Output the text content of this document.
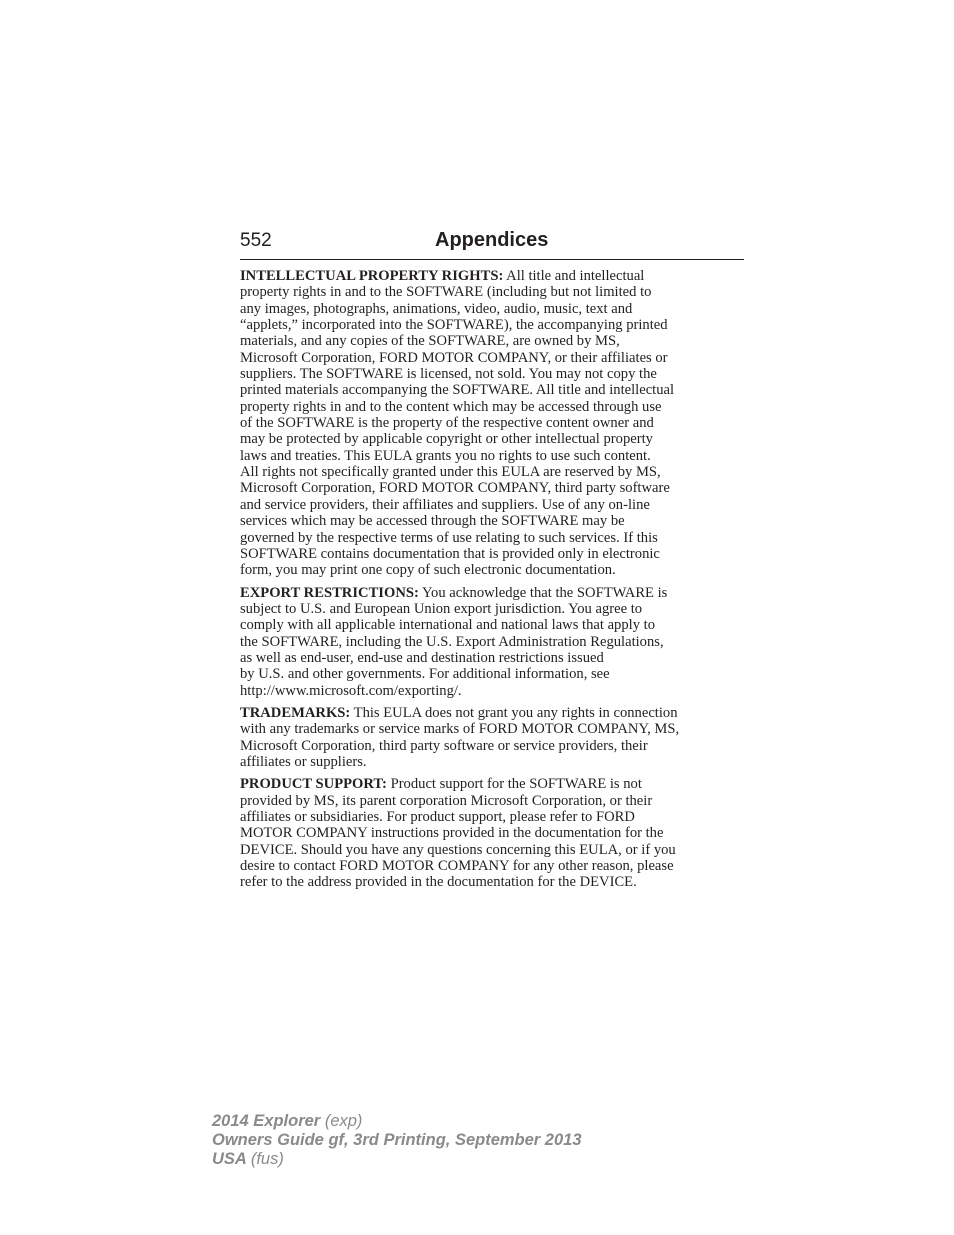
552	Appendices

INTELLECTUAL PROPERTY RIGHTS: All title and intellectual
property rights in and to the SOFTWARE (including but not limited to
any images, photographs, animations, video, audio, music, text and
“applets,” incorporated into the SOFTWARE), the accompanying printed
materials, and any copies of the SOFTWARE, are owned by MS,
Microsoft Corporation, FORD MOTOR COMPANY, or their affiliates or
suppliers. The SOFTWARE is licensed, not sold. You may not copy the
printed materials accompanying the SOFTWARE. All title and intellectual
property rights in and to the content which may be accessed through use
of the SOFTWARE is the property of the respective content owner and
may be protected by applicable copyright or other intellectual property
laws and treaties. This EULA grants you no rights to use such content.
All rights not specifically granted under this EULA are reserved by MS,
Microsoft Corporation, FORD MOTOR COMPANY, third party software
and service providers, their affiliates and suppliers. Use of any on-line
services which may be accessed through the SOFTWARE may be
governed by the respective terms of use relating to such services. If this
SOFTWARE contains documentation that is provided only in electronic
form, you may print one copy of such electronic documentation.

EXPORT RESTRICTIONS: You acknowledge that the SOFTWARE is
subject to U.S. and European Union export jurisdiction. You agree to
comply with all applicable international and national laws that apply to
the SOFTWARE, including the U.S. Export Administration Regulations,
as well as end-user, end-use and destination restrictions issued
by U.S. and other governments. For additional information, see
http://www.microsoft.com/exporting/.

TRADEMARKS: This EULA does not grant you any rights in connection
with any trademarks or service marks of FORD MOTOR COMPANY, MS,
Microsoft Corporation, third party software or service providers, their
affiliates or suppliers.

PRODUCT SUPPORT: Product support for the SOFTWARE is not
provided by MS, its parent corporation Microsoft Corporation, or their
affiliates or subsidiaries. For product support, please refer to FORD
MOTOR COMPANY instructions provided in the documentation for the
DEVICE. Should you have any questions concerning this EULA, or if you
desire to contact FORD MOTOR COMPANY for any other reason, please
refer to the address provided in the documentation for the DEVICE.

2014 Explorer (exp)
Owners Guide gf, 3rd Printing, September 2013
USA (fus)
